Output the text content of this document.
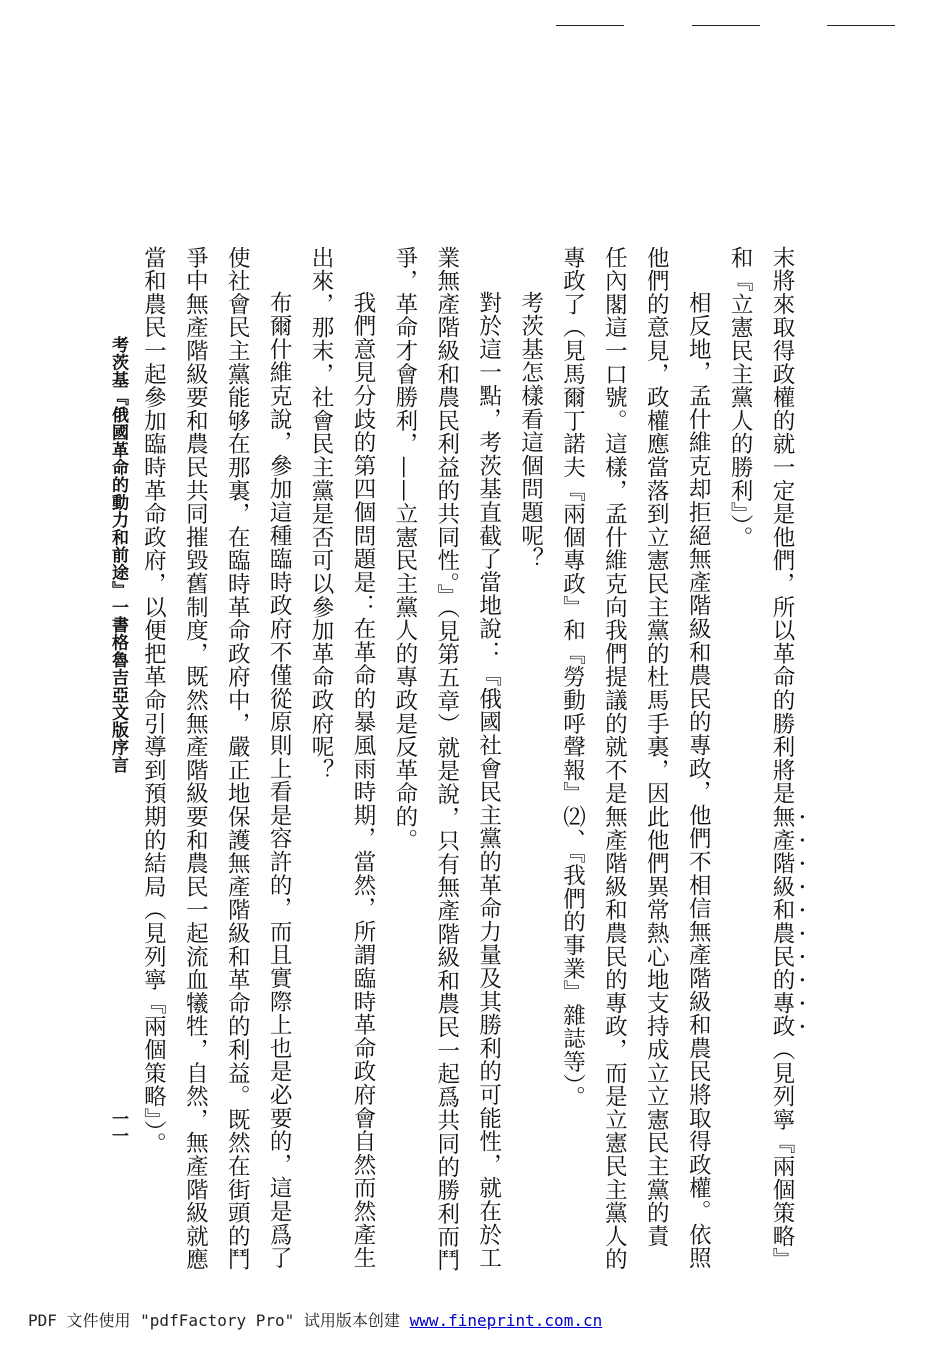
末將來取得政權的就一定是他們，所以革命的勝利將是無產階級和農民的專政（見列寧『兩個策略』
和『立憲民主黨人的勝利』）。
相反地，孟什維克却拒絕無產階級和農民的專政，他們不相信無產階級和農民將取得政權。依照
他們的意見，政權應當落到立憲民主黨的杜馬手裏，因此他們異常熱心地支持成立立憲民主黨的責
任內閣這一口號。這樣，孟什維克向我們提議的就不是無產階級和農民的專政，而是立憲民主黨人的
專政了（見馬爾丁諾夫『兩個專政』和『勞動呼聲報』⑵、『我們的事業』雜誌等）。
考茨基怎樣看這個問題呢？
對於這一點，考茨基直截了當地說：『俄國社會民主黨的革命力量及其勝利的可能性，就在於工
業無產階級和農民利益的共同性。』（見第五章）就是說，只有無產階級和農民一起爲共同的勝利而鬥
爭，革命才會勝利，——立憲民主黨人的專政是反革命的。
我們意見分歧的第四個問題是：在革命的暴風雨時期，當然，所謂臨時革命政府會自然而然產生
出來，那末，社會民主黨是否可以參加革命政府呢？
布爾什維克說，參加這種臨時政府不僅從原則上看是容許的，而且實際上也是必要的，這是爲了
使社會民主黨能够在那裏，在臨時革命政府中，嚴正地保護無產階級和革命的利益。既然在街頭的鬥
爭中無產階級要和農民共同摧毀舊制度，既然無產階級要和農民一起流血犧牲，自然，無產階級就應
當和農民一起參加臨時革命政府，以便把革命引導到預期的結局（見列寧『兩個策略』）。
考茨基『俄國革命的動力和前途』一書格魯吉亞文版序言
一一
PDF 文件使用 "pdfFactory Pro" 试用版本创建 www.fineprint.com.cn
